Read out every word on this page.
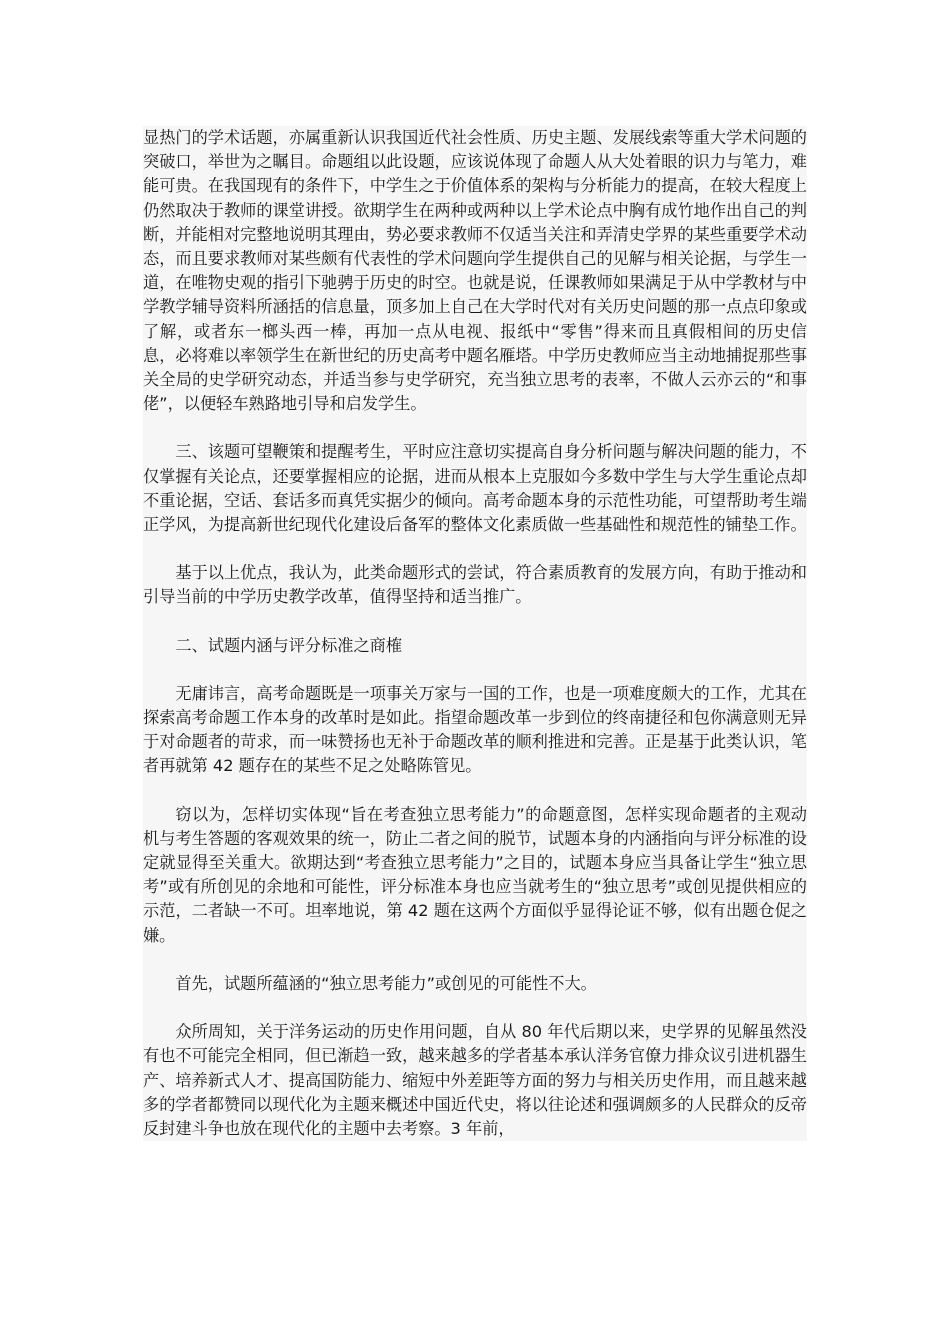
显热门的学术话题，亦属重新认识我国近代社会性质、历史主题、发展线索等重大学术问题的突破口，举世为之瞩目。命题组以此设题，应该说体现了命题人从大处着眼的识力与笔力，难能可贵。在我国现有的条件下，中学生之于价值体系的架构与分析能力的提高，在较大程度上仍然取决于教师的课堂讲授。欲期学生在两种或两种以上学术论点中胸有成竹地作出自己的判断，并能相对完整地说明其理由，势必要求教师不仅适当关注和弄清史学界的某些重要学术动态，而且要求教师对某些颇有代表性的学术问题向学生提供自己的见解与相关论据，与学生一道，在唯物史观的指引下驰骋于历史的时空。也就是说，任课教师如果满足于从中学教材与中学教学辅导资料所涵括的信息量，顶多加上自己在大学时代对有关历史问题的那一点点印象或了解，或者东一榔头西一棒，再加一点从电视、报纸中“零售”得来而且真假相间的历史信息，必将难以率领学生在新世纪的历史高考中题名雁塔。中学历史教师应当主动地捕捉那些事关全局的史学研究动态，并适当参与史学研究，充当独立思考的表率，不做人云亦云的“和事佬”，以便轻车熟路地引导和启发学生。

三、该题可望鞭策和提醒考生，平时应注意切实提高自身分析问题与解决问题的能力，不仅掌握有关论点，还要掌握相应的论据，进而从根本上克服如今多数中学生与大学生重论点却不重论据，空话、套话多而真凭实据少的倾向。高考命题本身的示范性功能，可望帮助考生端正学风，为提高新世纪现代化建设后备军的整体文化素质做一些基础性和规范性的铺垫工作。

基于以上优点，我认为，此类命题形式的尝试，符合素质教育的发展方向，有助于推动和引导当前的中学历史教学改革，值得坚持和适当推广。

二、试题内涵与评分标准之商榷

无庸讳言，高考命题既是一项事关万家与一国的工作，也是一项难度颇大的工作，尤其在探索高考命题工作本身的改革时是如此。指望命题改革一步到位的终南捷径和包你满意则无异于对命题者的苛求，而一味赞扬也无补于命题改革的顺利推进和完善。正是基于此类认识，笔者再就第 42 题存在的某些不足之处略陈管见。

窃以为，怎样切实体现“旨在考查独立思考能力”的命题意图，怎样实现命题者的主观动机与考生答题的客观效果的统一，防止二者之间的脱节，试题本身的内涵指向与评分标准的设定就显得至关重大。欲期达到“考查独立思考能力”之目的，试题本身应当具备让学生“独立思考”或有所创见的余地和可能性，评分标准本身也应当就考生的“独立思考”或创见提供相应的示范，二者缺一不可。坦率地说，第 42 题在这两个方面似乎显得论证不够，似有出题仓促之嫌。

首先，试题所蕴涵的“独立思考能力”或创见的可能性不大。

众所周知，关于洋务运动的历史作用问题，自从 80 年代后期以来，史学界的见解虽然没有也不可能完全相同，但已渐趋一致，越来越多的学者基本承认洋务官僚力排众议引进机器生产、培养新式人才、提高国防能力、缩短中外差距等方面的努力与相关历史作用，而且越来越多的学者都赞同以现代化为主题来概述中国近代史，将以往论述和强调颇多的人民群众的反帝反封建斗争也放在现代化的主题中去考察。3 年前，
